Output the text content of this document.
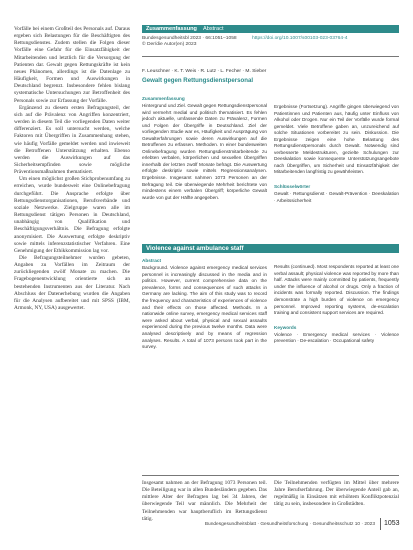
Vorfälle bei einem Großteil des Personals auf. Daraus ergeben sich Belastungen für die Beschäftigten des Rettungsdienstes. Zudem stellen die Folgen dieser Vorfälle eine Gefahr für die Einsatzfähigkeit der Mitarbeitenden und letztlich für die Versorgung der Patienten dar. Gewalt gegen Rettungskräfte ist kein neues Phänomen, allerdings ist die Datenlage zu Häufigkeit, Formen und Auswirkungen in Deutschland begrenzt. Insbesondere fehlen bislang systematische Untersuchungen zur Betroffenheit des Personals sowie zur Erfassung der Vorfälle.

Ergänzend zu diesem ersten Befragungsteil, der sich auf die Prävalenz von Angriffen konzentriert, werden in diesem Teil die vorliegenden Daten weiter differenziert. Es soll untersucht werden, welche Faktoren mit Übergriffen in Zusammenhang stehen, wie häufig Vorfälle gemeldet werden und inwieweit die Betroffenen Unterstützung erhalten. Ebenso werden die Auswirkungen auf das Sicherheitsempfinden sowie mögliche Präventionsmaßnahmen thematisiert.

Um einen möglichst großen Stichprobenumfang zu erreichen, wurde bundesweit eine Onlinebefragung durchgeführt. Die Ansprache erfolgte über Rettungsdienstorganisationen, Berufsverbände und soziale Netzwerke. Zielgruppe waren alle im Rettungsdienst tätigen Personen in Deutschland, unabhängig von Qualifikation und Beschäftigungsverhältnis. Die Befragung erfolgte anonymisiert. Die Auswertung erfolgte deskriptiv sowie mittels inferenzstatistischer Verfahren. Eine Genehmigung der Ethikkommission lag vor.

Die Befragungsteilnehmer wurden gebeten, Angaben zu Vorfällen im Zeitraum der zurückliegenden zwölf Monate zu machen. Die Fragebogenentwicklung orientierte sich an bestehenden Instrumenten aus der Literatur. Nach Abschluss der Datenerhebung wurden die Angaben für die Analysen aufbereitet und mit SPSS (IBM, Armonk, NY, USA) ausgewertet.

Zusammenfassung Abstract
Bundesgesundheitsbl 2023 · 66:1051–1058	https://doi.org/10.1007/s00103-023-03764-4
© Der/die Autor(en) 2023
F. Leuschner · K. T. Weis · R. Lutz · L. Fecher · M. Sieber
Gewalt gegen Rettungsdienstpersonal
Zusammenfassung
Hintergrund und Ziel. Gewalt gegen Rettungsdienstpersonal wird vermehrt medial und politisch thematisiert. Es fehlen jedoch aktuelle, umfassende Daten zu Prävalenz, Formen und Folgen der Übergriffe in Deutschland. Ziel der vorliegenden Studie war es, Häufigkeit und Ausprägung von Gewalterfahrungen sowie deren Auswirkungen auf die Betroffenen zu erfassen. Methoden. In einer bundesweiten Onlinebefragung wurden Rettungsdienstmitarbeitende zu erlebten verbalen, körperlichen und sexuellen Übergriffen innerhalb der letzten zwölf Monate befragt. Die Auswertung erfolgte deskriptiv sowie mittels Regressionsanalysen. Ergebnisse. Insgesamt nahmen 1073 Personen an der Befragung teil. Die überwiegende Mehrheit berichtete von mindestens einem verbalen Übergriff; körperliche Gewalt wurde von gut der Hälfte angegeben.
Ergebnisse (Fortsetzung). Angriffe gingen überwiegend von Patientinnen und Patienten aus, häufig unter Einfluss von Alkohol oder Drogen. Nur ein Teil der Vorfälle wurde formal gemeldet. Viele Betroffene gaben an, unzureichend auf solche Situationen vorbereitet zu sein. Diskussion. Die Ergebnisse zeigen eine hohe Belastung des Rettungsdienstpersonals durch Gewalt. Notwendig sind verbesserte Meldestrukturen, gezielte Schulungen zur Deeskalation sowie konsequente Unterstützungsangebote nach Übergriffen, um Sicherheit und Einsatzfähigkeit der Mitarbeitenden langfristig zu gewährleisten.
Schlüsselwörter
Gewalt · Rettungsdienst · Gewalt-Prävention · Deeskalation · Arbeitssicherheit
Violence against ambulance staff
Abstract
Background. Violence against emergency medical services personnel is increasingly discussed in the media and in politics. However, current comprehensive data on the prevalence, forms and consequences of such attacks in Germany are lacking. The aim of this study was to record the frequency and characteristics of experiences of violence and their effects on those affected. Methods. In a nationwide online survey, emergency medical services staff were asked about verbal, physical and sexual assaults experienced during the previous twelve months. Data were analysed descriptively and by means of regression analyses. Results. A total of 1073 persons took part in the survey.
Results (continued). Most respondents reported at least one verbal assault; physical violence was reported by more than half. Attacks were mainly committed by patients, frequently under the influence of alcohol or drugs. Only a fraction of incidents was formally reported. Discussion. The findings demonstrate a high burden of violence on emergency personnel. Improved reporting systems, de-escalation training and consistent support services are required.
Keywords
Violence · Emergency medical services · Violence prevention · De-escalation · Occupational safety
Insgesamt nahmen an der Befragung 1073 Personen teil. Die Beteiligung war in allen Bundesländern gegeben. Das mittlere Alter der Befragten lag bei 34 Jahren, der überwiegende Teil war männlich. Die Mehrheit der Teilnehmenden war hauptberuflich im Rettungsdienst tätig.
Die Teilnehmenden verfügten im Mittel über mehrere Jahre Berufserfahrung. Der überwiegende Anteil gab an, regelmäßig in Einsätzen mit erhöhtem Konfliktpotenzial tätig zu sein, insbesondere in Großstädten.
Bundesgesundheitsblatt · Gesundheitsforschung · Gesundheitsschutz 10 · 2023 1053
